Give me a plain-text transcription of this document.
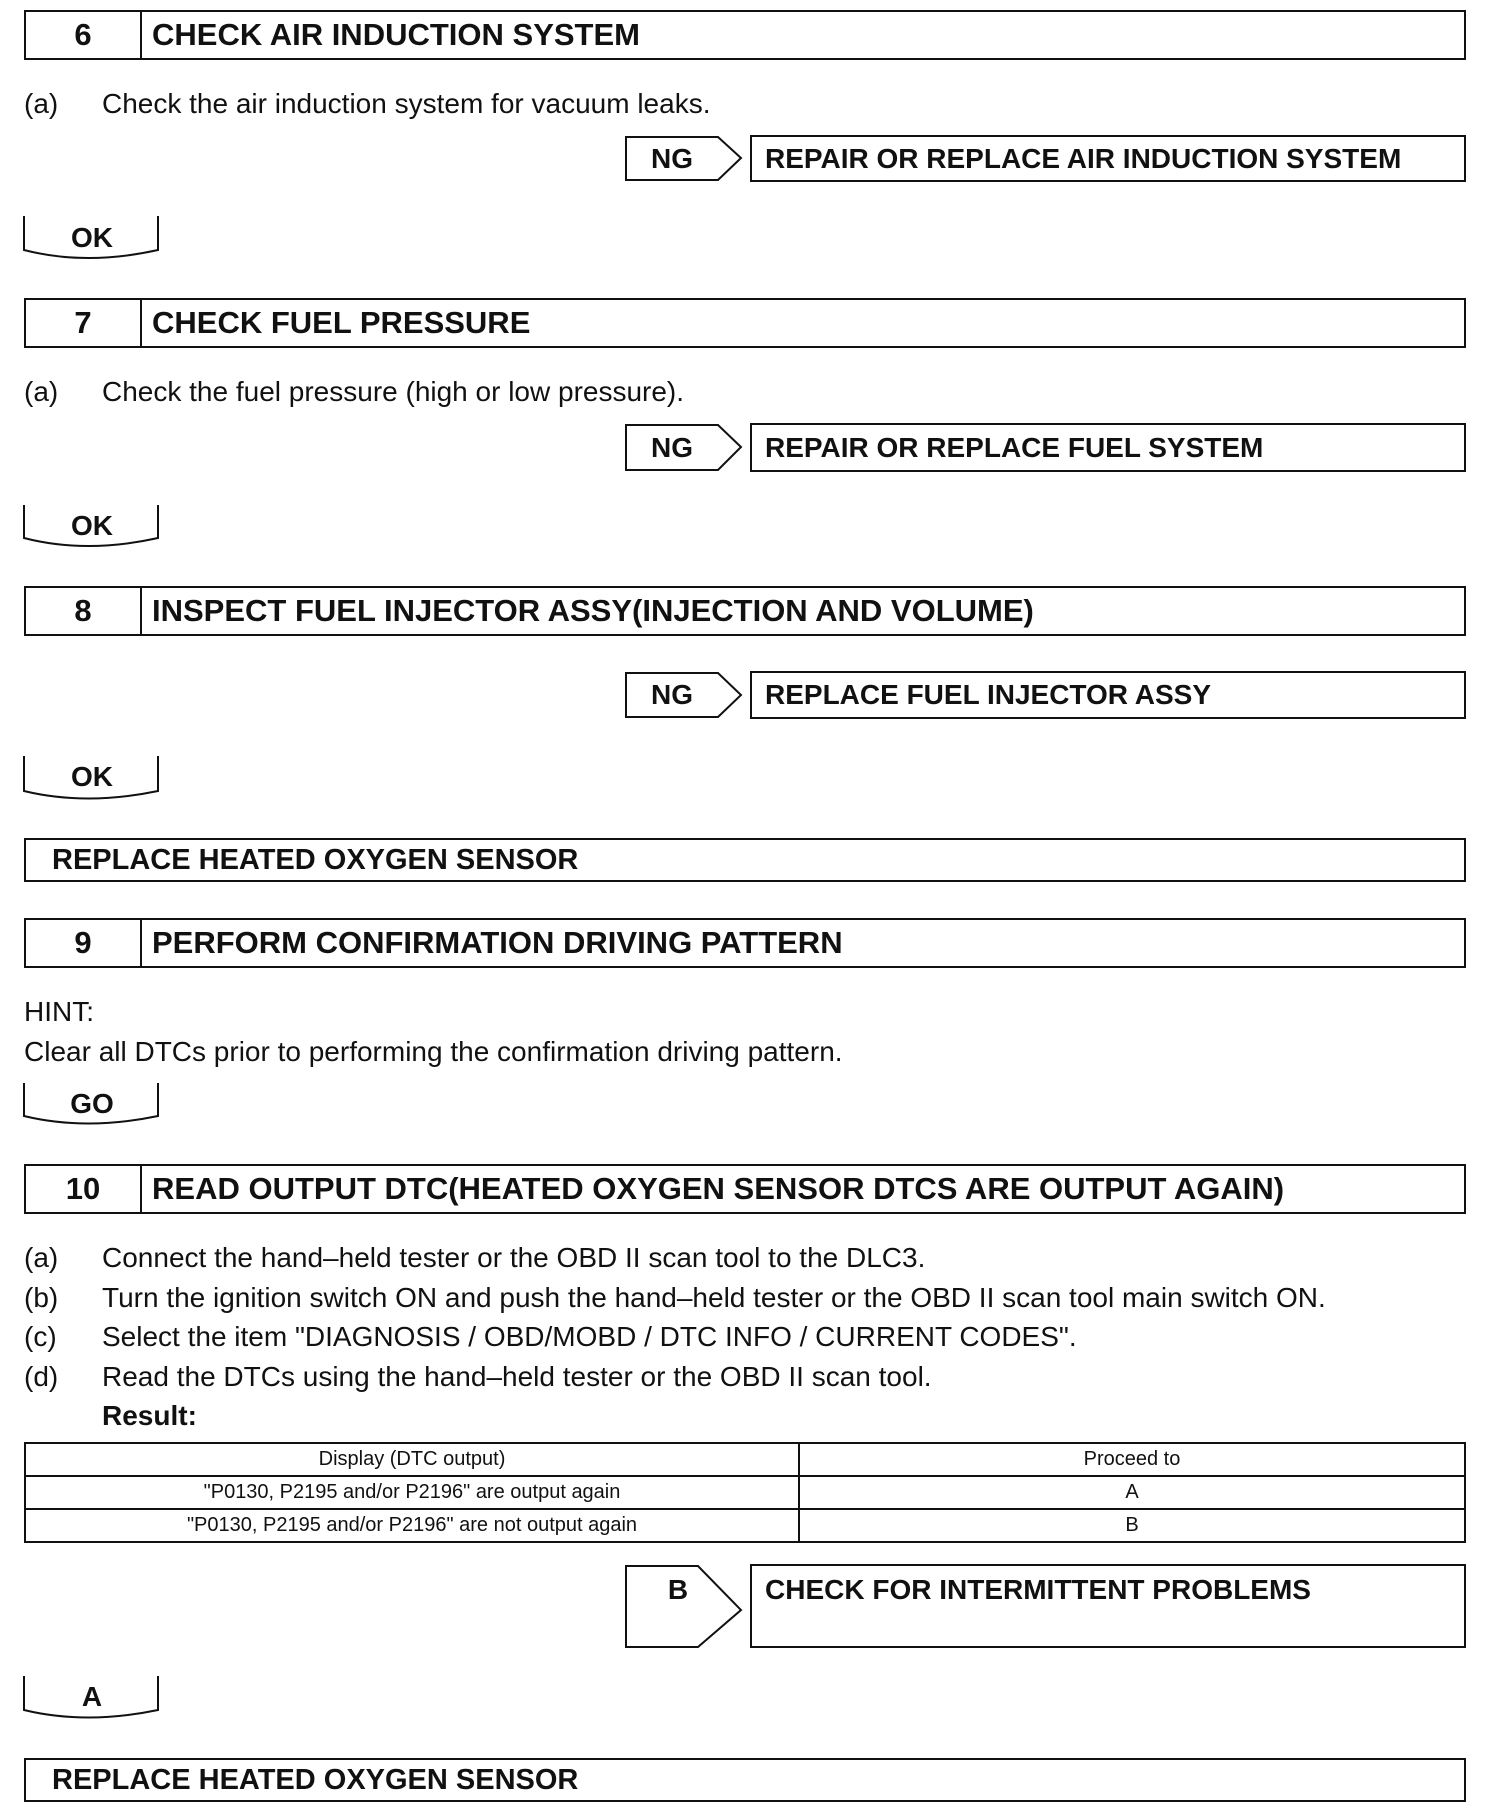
6	CHECK AIR INDUCTION SYSTEM
(a) Check the air induction system for vacuum leaks.
NG	REPAIR OR REPLACE AIR INDUCTION SYSTEM
OK
7	CHECK FUEL PRESSURE
(a) Check the fuel pressure (high or low pressure).
NG	REPAIR OR REPLACE FUEL SYSTEM
OK
8	INSPECT FUEL INJECTOR ASSY(INJECTION AND VOLUME)
NG	REPLACE FUEL INJECTOR ASSY
OK
REPLACE HEATED OXYGEN SENSOR
9	PERFORM CONFIRMATION DRIVING PATTERN
HINT:
Clear all DTCs prior to performing the confirmation driving pattern.
GO
10	READ OUTPUT DTC(HEATED OXYGEN SENSOR DTCS ARE OUTPUT AGAIN)
(a) Connect the hand–held tester or the OBD II scan tool to the DLC3.
(b) Turn the ignition switch ON and push the hand–held tester or the OBD II scan tool main switch ON.
(c) Select the item "DIAGNOSIS / OBD/MOBD / DTC INFO / CURRENT CODES".
(d) Read the DTCs using the hand–held tester or the OBD II scan tool.
Result:
Display (DTC output)	Proceed to
"P0130, P2195 and/or P2196" are output again	A
"P0130, P2195 and/or P2196" are not output again	B
B	CHECK FOR INTERMITTENT PROBLEMS
A
REPLACE HEATED OXYGEN SENSOR
